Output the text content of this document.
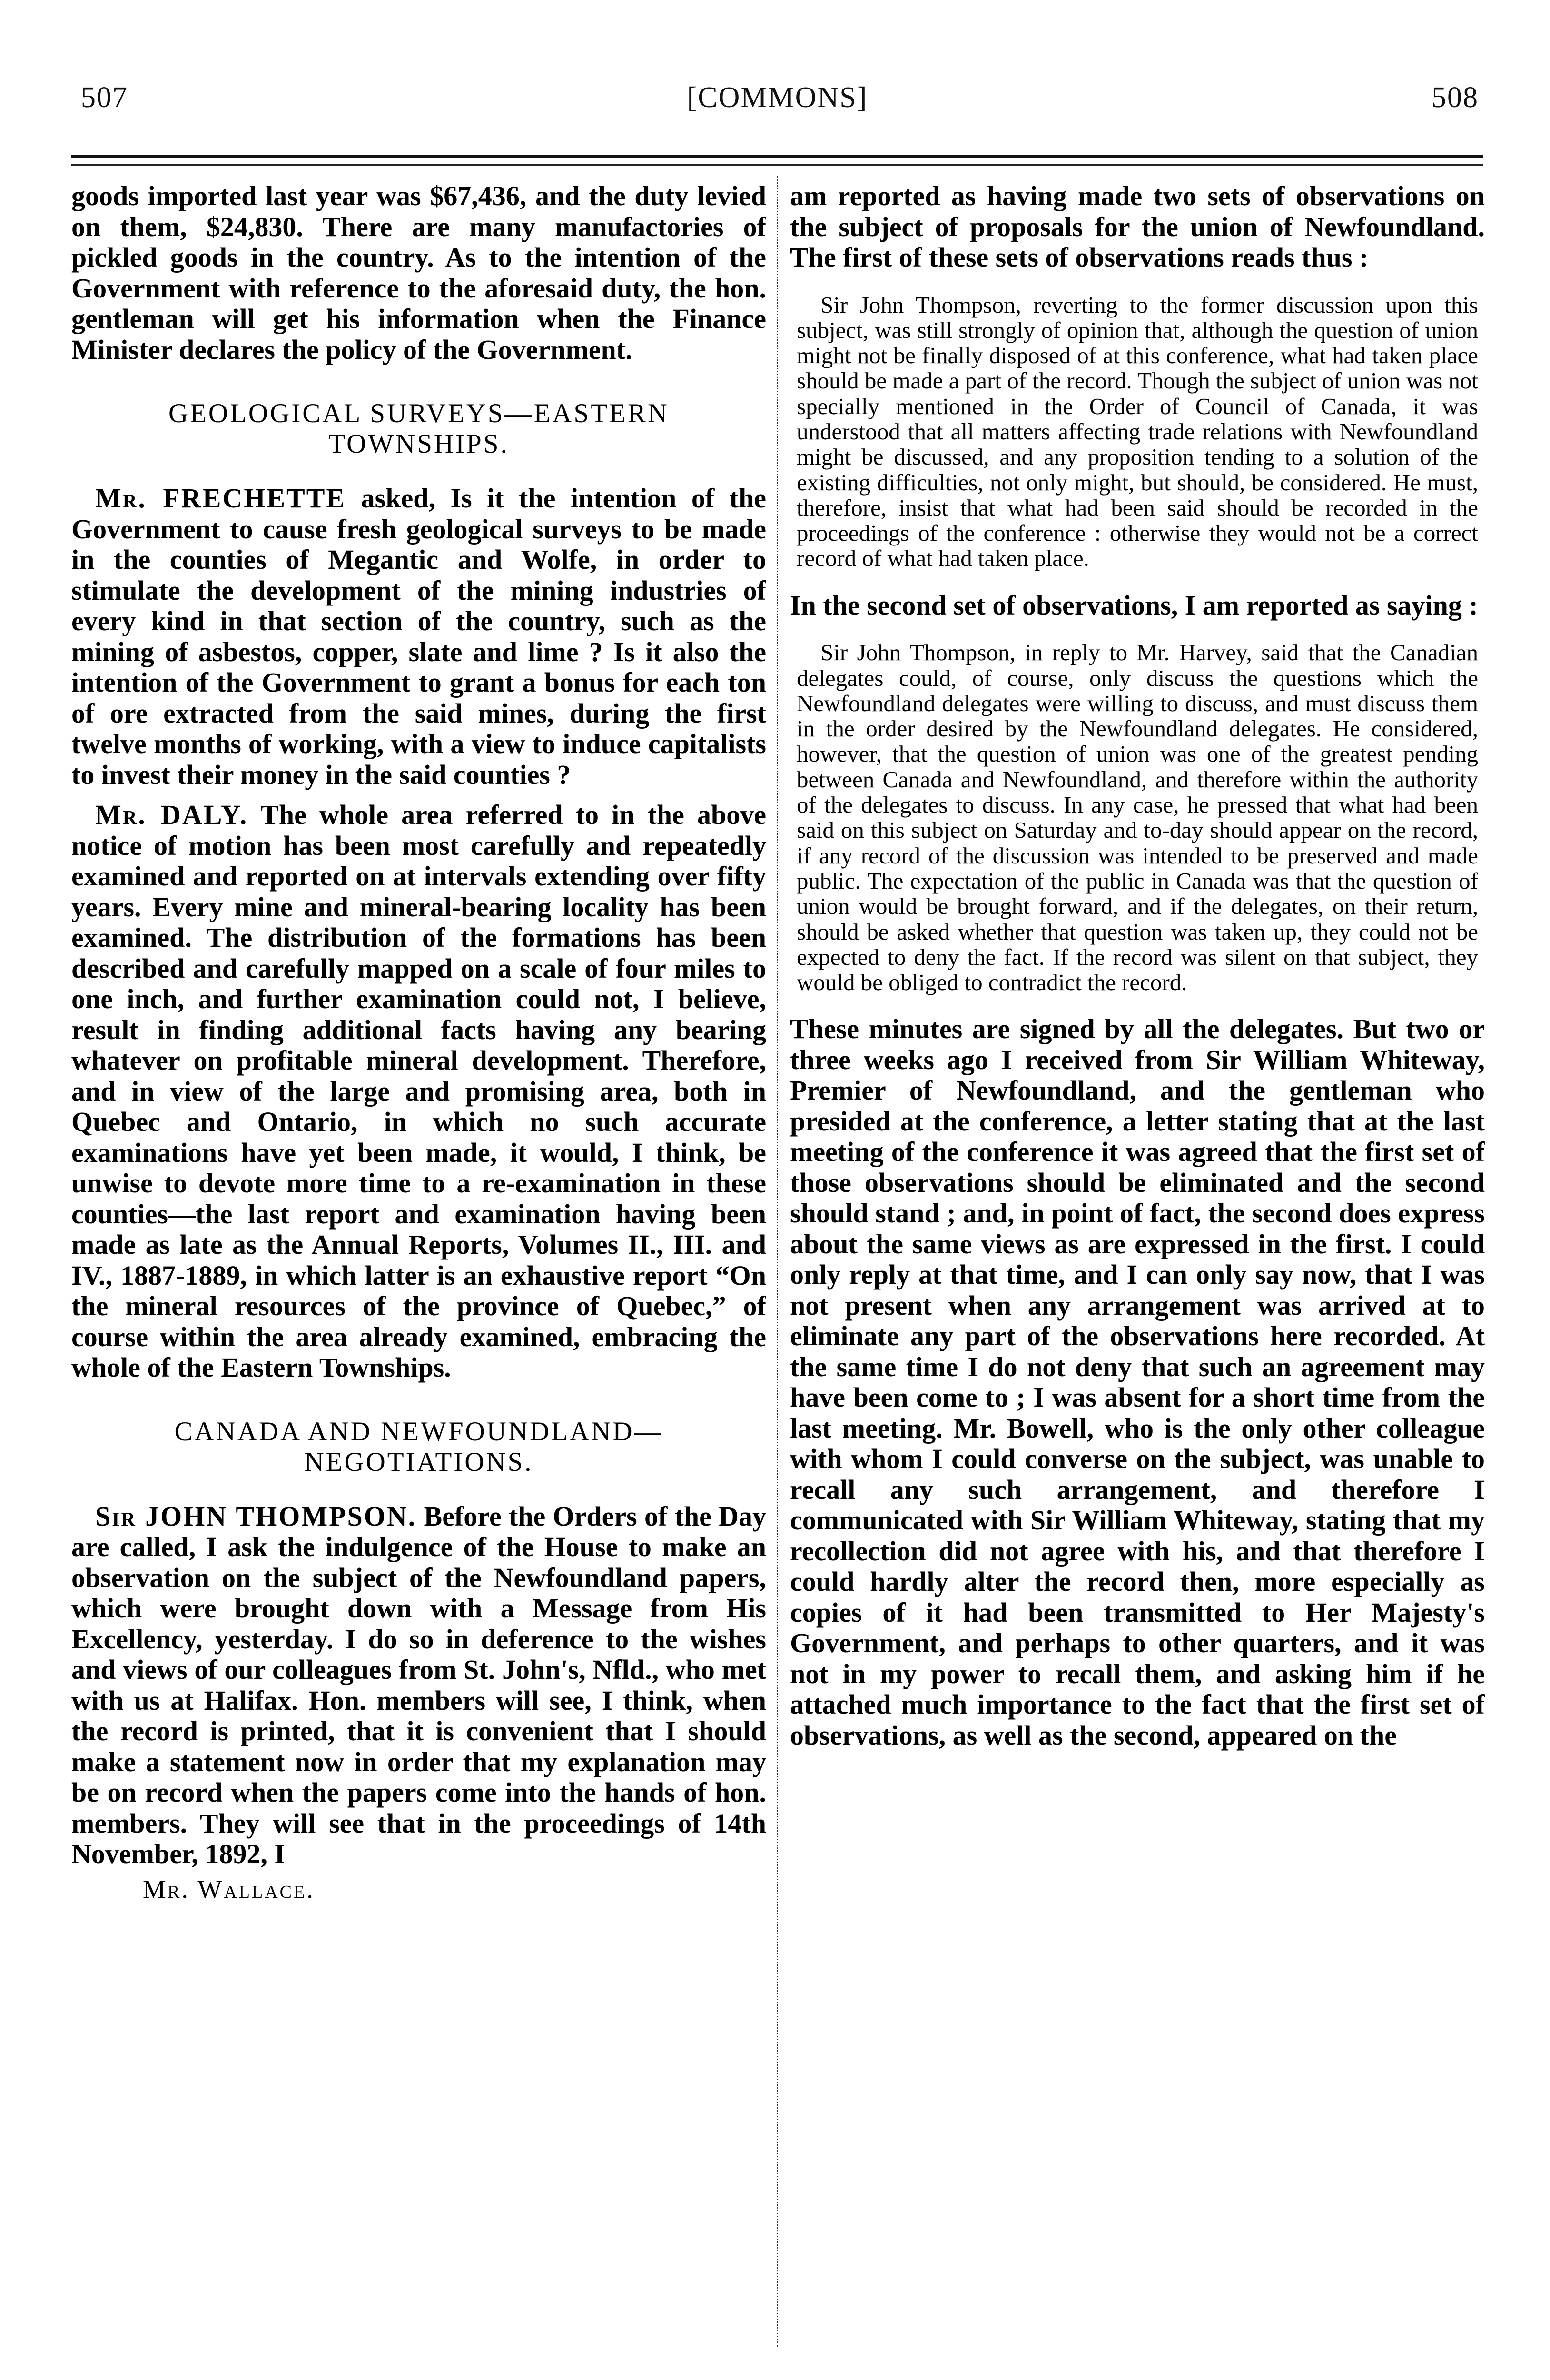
507	[COMMONS]	508

goods imported last year was $67,436, and the duty levied on them, $24,830. There are many manufactories of pickled goods in the country. As to the intention of the Government with reference to the aforesaid duty, the hon. gentleman will get his information when the Finance Minister declares the policy of the Government.

GEOLOGICAL SURVEYS—EASTERN
TOWNSHIPS.

Mr. FRECHETTE asked, Is it the intention of the Government to cause fresh geological surveys to be made in the counties of Megantic and Wolfe, in order to stimulate the development of the mining industries of every kind in that section of the country, such as the mining of asbestos, copper, slate and lime ? Is it also the intention of the Government to grant a bonus for each ton of ore extracted from the said mines, during the first twelve months of working, with a view to induce capitalists to invest their money in the said counties ?

Mr. DALY. The whole area referred to in the above notice of motion has been most carefully and repeatedly examined and reported on at intervals extending over fifty years. Every mine and mineral-bearing locality has been examined. The distribution of the formations has been described and carefully mapped on a scale of four miles to one inch, and further examination could not, I believe, result in finding additional facts having any bearing whatever on profitable mineral development. Therefore, and in view of the large and promising area, both in Quebec and Ontario, in which no such accurate examinations have yet been made, it would, I think, be unwise to devote more time to a re-examination in these counties—the last report and examination having been made as late as the Annual Reports, Volumes II., III. and IV., 1887-1889, in which latter is an exhaustive report “On the mineral resources of the province of Quebec,” of course within the area already examined, embracing the whole of the Eastern Townships.

CANADA AND NEWFOUNDLAND—
NEGOTIATIONS.

Sir JOHN THOMPSON. Before the Orders of the Day are called, I ask the indulgence of the House to make an observation on the subject of the Newfoundland papers, which were brought down with a Message from His Excellency, yesterday. I do so in deference to the wishes and views of our colleagues from St. John's, Nfld., who met with us at Halifax. Hon. members will see, I think, when the record is printed, that it is convenient that I should make a statement now in order that my explanation may be on record when the papers come into the hands of hon. members. They will see that in the proceedings of 14th November, 1892, I

Mr. Wallace.

am reported as having made two sets of observations on the subject of proposals for the union of Newfoundland. The first of these sets of observations reads thus :

Sir John Thompson, reverting to the former discussion upon this subject, was still strongly of opinion that, although the question of union might not be finally disposed of at this conference, what had taken place should be made a part of the record. Though the subject of union was not specially mentioned in the Order of Council of Canada, it was understood that all matters affecting trade relations with Newfoundland might be discussed, and any proposition tending to a solution of the existing difficulties, not only might, but should, be considered. He must, therefore, insist that what had been said should be recorded in the proceedings of the conference : otherwise they would not be a correct record of what had taken place.

In the second set of observations, I am reported as saying :

Sir John Thompson, in reply to Mr. Harvey, said that the Canadian delegates could, of course, only discuss the questions which the Newfoundland delegates were willing to discuss, and must discuss them in the order desired by the Newfoundland delegates. He considered, however, that the question of union was one of the greatest pending between Canada and Newfoundland, and therefore within the authority of the delegates to discuss. In any case, he pressed that what had been said on this subject on Saturday and to-day should appear on the record, if any record of the discussion was intended to be preserved and made public. The expectation of the public in Canada was that the question of union would be brought forward, and if the delegates, on their return, should be asked whether that question was taken up, they could not be expected to deny the fact. If the record was silent on that subject, they would be obliged to contradict the record.

These minutes are signed by all the delegates. But two or three weeks ago I received from Sir William Whiteway, Premier of Newfoundland, and the gentleman who presided at the conference, a letter stating that at the last meeting of the conference it was agreed that the first set of those observations should be eliminated and the second should stand ; and, in point of fact, the second does express about the same views as are expressed in the first. I could only reply at that time, and I can only say now, that I was not present when any arrangement was arrived at to eliminate any part of the observations here recorded. At the same time I do not deny that such an agreement may have been come to ; I was absent for a short time from the last meeting. Mr. Bowell, who is the only other colleague with whom I could converse on the subject, was unable to recall any such arrangement, and therefore I communicated with Sir William Whiteway, stating that my recollection did not agree with his, and that therefore I could hardly alter the record then, more especially as copies of it had been transmitted to Her Majesty's Government, and perhaps to other quarters, and it was not in my power to recall them, and asking him if he attached much importance to the fact that the first set of observations, as well as the second, appeared on the
